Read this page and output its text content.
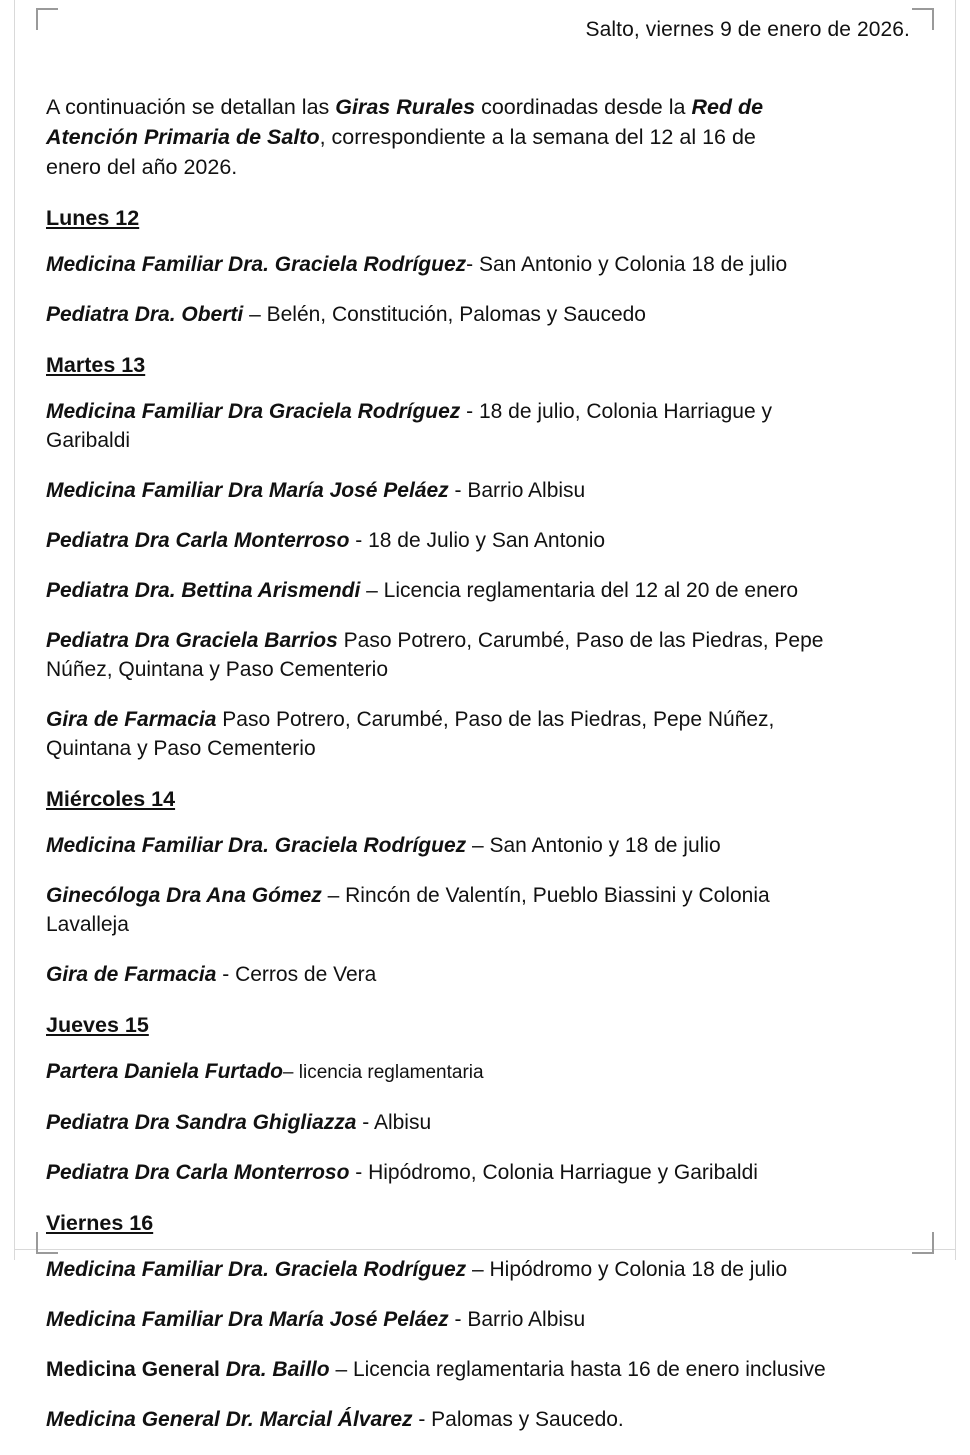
Salto, viernes 9 de enero de 2026.

A continuación se detallan las Giras Rurales coordinadas desde la Red de Atención Primaria de Salto, correspondiente a la semana del 12 al 16 de enero del año 2026.

Lunes 12

Medicina Familiar Dra. Graciela Rodríguez- San Antonio y Colonia 18 de julio

Pediatra Dra. Oberti – Belén, Constitución, Palomas y Saucedo

Martes 13

Medicina Familiar Dra Graciela Rodríguez - 18 de julio, Colonia Harriague y Garibaldi

Medicina Familiar Dra María José Peláez - Barrio Albisu

Pediatra Dra Carla Monterroso - 18 de Julio y San Antonio

Pediatra Dra. Bettina Arismendi – Licencia reglamentaria del 12 al 20 de enero

Pediatra Dra Graciela Barrios Paso Potrero, Carumbé, Paso de las Piedras, Pepe Núñez, Quintana y Paso Cementerio

Gira de Farmacia Paso Potrero, Carumbé, Paso de las Piedras, Pepe Núñez, Quintana y Paso Cementerio

Miércoles 14

Medicina Familiar Dra. Graciela Rodríguez – San Antonio y 18 de julio

Ginecóloga Dra Ana Gómez – Rincón de Valentín, Pueblo Biassini y Colonia Lavalleja

Gira de Farmacia - Cerros de Vera

Jueves 15

Partera Daniela Furtado– licencia reglamentaria

Pediatra Dra Sandra Ghigliazza - Albisu

Pediatra Dra Carla Monterroso - Hipódromo, Colonia Harriague y Garibaldi

Viernes 16

Medicina Familiar Dra. Graciela Rodríguez – Hipódromo y Colonia 18 de julio

Medicina Familiar Dra María José Peláez - Barrio Albisu

Medicina General Dra. Baillo – Licencia reglamentaria hasta 16 de enero inclusive

Medicina General Dr. Marcial Álvarez - Palomas y Saucedo.
